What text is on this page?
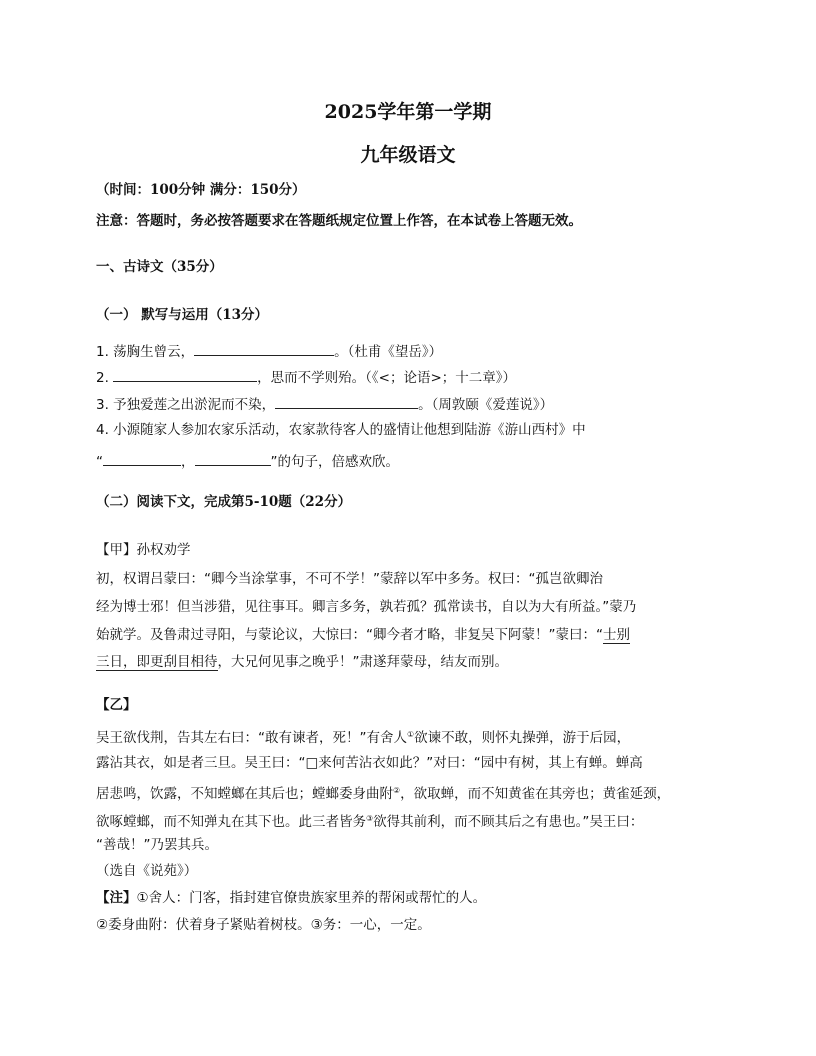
2025学年第一学期
九年级语文
（时间：100分钟 满分：150分）
注意：答题时，务必按答题要求在答题纸规定位置上作答，在本试卷上答题无效。
一、古诗文（35分）
（一） 默写与运用（13分）
1. 荡胸生曾云，	。（杜甫《望岳》）
2.	，思而不学则殆。（《<；论语>；十二章》）
3. 予独爱莲之出淤泥而不染，	。（周敦颐《爱莲说》）
4. 小源随家人参加农家乐活动，农家款待客人的盛情让他想到陆游《游山西村》中
“	，	”的句子，倍感欢欣。
（二）阅读下文，完成第5-10题（22分）
【甲】孙权劝学
初，权谓吕蒙曰：“卿今当涂掌事，不可不学！”蒙辞以军中多务。权曰：“孤岂欲卿治
经为博士邪！但当涉猎，见往事耳。卿言多务，孰若孤？孤常读书，自以为大有所益。”蒙乃
始就学。及鲁肃过寻阳，与蒙论议，大惊曰：“卿今者才略，非复吴下阿蒙！”蒙曰：“士别
三日，即更刮目相待，大兄何见事之晚乎！”肃遂拜蒙母，结友而别。
【乙】
吴王欲伐荆，告其左右曰：“敢有谏者，死！”有舍人①欲谏不敢，则怀丸操弹，游于后园，
露沾其衣，如是者三旦。吴王曰：“□来何苦沾衣如此？”对曰：“园中有树，其上有蝉。蝉高
居悲鸣，饮露，不知螳螂在其后也；螳螂委身曲附②，欲取蝉，而不知黄雀在其旁也；黄雀延颈，
欲啄螳螂，而不知弹丸在其下也。此三者皆务③欲得其前利，而不顾其后之有患也。”吴王曰：
“善哉！”乃罢其兵。
（选自《说苑》）
【注】①舍人：门客，指封建官僚贵族家里养的帮闲或帮忙的人。
②委身曲附：伏着身子紧贴着树枝。③务：一心，一定。
